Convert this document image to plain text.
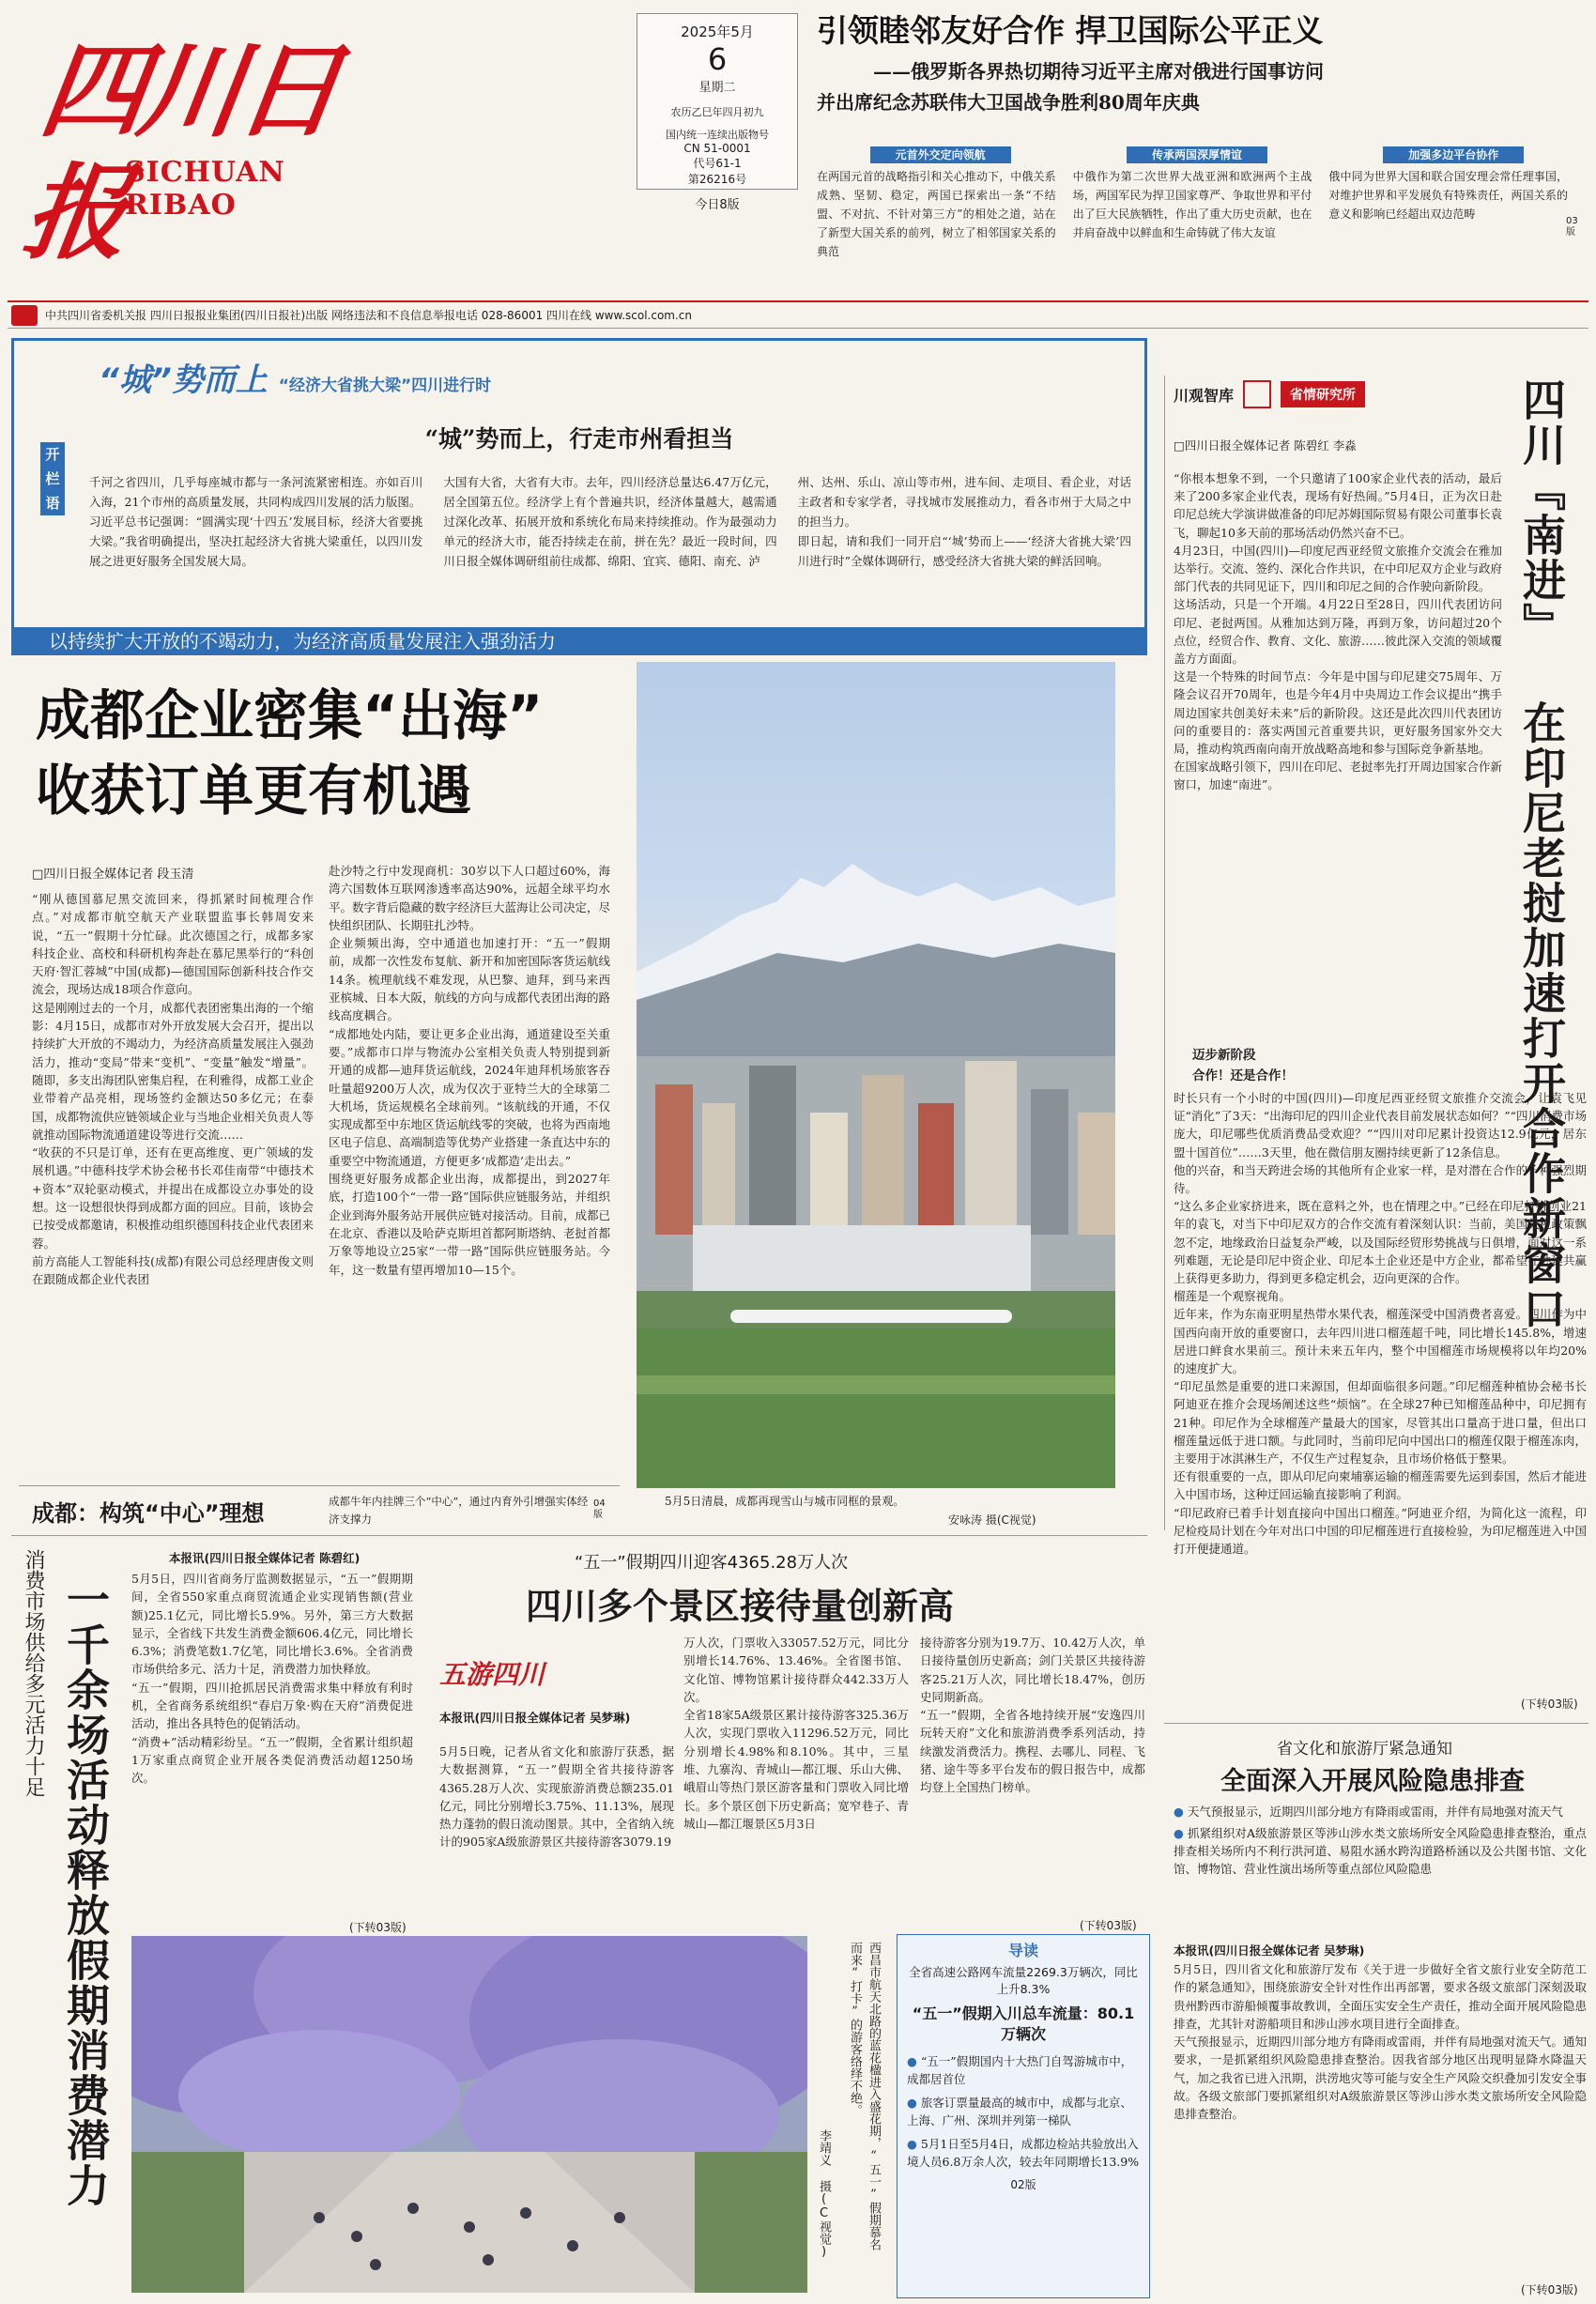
四川日报
SICHUAN RIBAO
2025年5月
6
星期二
农历乙巳年四月初九
国内统一连续出版物号
CN 51-0001
代号61-1
第26216号
今日8版
引领睦邻友好合作 捍卫国际公平正义
——俄罗斯各界热切期待习近平主席对俄进行国事访问
并出席纪念苏联伟大卫国战争胜利80周年庆典
元首外交定向领航	传承两国深厚情谊	加强多边平台协作
在两国元首的战略指引和关心推动下，中俄关系成熟、坚韧、稳定，两国已探索出一条“不结盟、不对抗、不针对第三方”的相处之道，站在了新型大国关系的前列，树立了相邻国家关系的典范
中俄作为第二次世界大战亚洲和欧洲两个主战场，两国军民为捍卫国家尊严、争取世界和平付出了巨大民族牺牲，作出了重大历史贡献，也在并肩奋战中以鲜血和生命铸就了伟大友谊
俄中同为世界大国和联合国安理会常任理事国，对维护世界和平发展负有特殊责任，两国关系的意义和影响已经超出双边范畴
03
版
中共四川省委机关报 四川日报报业集团(四川日报社)出版 网络违法和不良信息举报电话 028-86001 四川在线 www.scol.com.cn
“城”势而上 “经济大省挑大梁”四川进行时
开
栏
语
“城”势而上，行走市州看担当
千河之省四川，几乎每座城市都与一条河流紧密相连。亦如百川入海，21个市州的高质量发展，共同构成四川发展的活力版图。
习近平总书记强调：“圆满实现‘十四五’发展目标，经济大省要挑大梁。”我省明确提出，坚决扛起经济大省挑大梁重任，以四川发展之进更好服务全国发展大局。
大国有大省，大省有大市。去年，四川经济总量达6.47万亿元，居全国第五位。经济学上有个普遍共识，经济体量越大，越需通过深化改革、拓展开放和系统化布局来持续推动。作为最强动力单元的经济大市，能否持续走在前，拼在先？最近一段时间，四川日报全媒体调研组前往成都、绵阳、宜宾、德阳、南充、泸
州、达州、乐山、凉山等市州，进车间、走项目、看企业，对话主政者和专家学者，寻找城市发展推动力，看各市州于大局之中的担当力。
即日起，请和我们一同开启“‘城’势而上——‘经济大省挑大梁’四川进行时”全媒体调研行，感受经济大省挑大梁的鲜活回响。
以持续扩大开放的不竭动力，为经济高质量发展注入强劲活力
成都企业密集“出海”
收获订单更有机遇
□四川日报全媒体记者 段玉清
“刚从德国慕尼黑交流回来，得抓紧时间梳理合作点。”对成都市航空航天产业联盟监事长韩周安来说，“五一”假期十分忙碌。此次德国之行，成都多家科技企业、高校和科研机构奔赴在慕尼黑举行的“科创天府·智汇蓉城”中国(成都)—德国国际创新科技合作交流会，现场达成18项合作意向。
这是刚刚过去的一个月，成都代表团密集出海的一个缩影：4月15日，成都市对外开放发展大会召开，提出以持续扩大开放的不竭动力，为经济高质量发展注入强劲活力，推动“变局”带来“变机”、“变量”触发“增量”。随即，多支出海团队密集启程，在利雅得，成都工业企业带着产品亮相，现场签约金额达50多亿元；在泰国，成都物流供应链领域企业与当地企业相关负责人等就推动国际物流通道建设等进行交流……
“收获的不只是订单，还有在更高维度、更广领域的发展机遇。”中德科技学术协会秘书长邓佳南带“中德技术+资本”双轮驱动模式，并提出在成都设立办事处的设想。这一设想很快得到成都方面的回应。目前，该协会已按受成都邀请，积极推动组织德国科技企业代表团来蓉。
前方高能人工智能科技(成都)有限公司总经理唐俊文则在跟随成都企业代表团
赴沙特之行中发现商机：30岁以下人口超过60%，海湾六国数体互联网渗透率高达90%，远超全球平均水平。数字背后隐藏的数字经济巨大蓝海让公司决定，尽快组织团队、长期驻扎沙特。
企业频频出海，空中通道也加速打开：“五一”假期前，成都一次性发布复航、新开和加密国际客货运航线14条。梳理航线不难发现，从巴黎、迪拜，到马来西亚槟城、日本大阪，航线的方向与成都代表团出海的路线高度耦合。
“成都地处内陆，要让更多企业出海，通道建设至关重要。”成都市口岸与物流办公室相关负责人特别提到新开通的成都—迪拜货运航线，2024年迪拜机场旅客吞吐量超9200万人次，成为仅次于亚特兰大的全球第二大机场，货运规模名全球前列。“该航线的开通，不仅实现成都至中东地区货运航线零的突破，也将为西南地区电子信息、高端制造等优势产业搭建一条直达中东的重要空中物流通道，方便更多‘成都造’走出去。”
围绕更好服务成都企业出海，成都提出，到2027年底，打造100个“一带一路”国际供应链服务站，并组织企业到海外服务站开展供应链对接活动。目前，成都已在北京、香港以及哈萨克斯坦首都阿斯塔纳、老挝首都万象等地设立25家“一带一路”国际供应链服务站。今年，这一数量有望再增加10—15个。
5月5日清晨，成都再现雪山与城市同框的景观。
安咏涛 摄(C视觉)
成都：构筑“中心”理想	成都牛年内挂牌三个“中心”，通过内育外引增强实体经济支撑力
04
版
川观智库	省情研究所	四川『南进』 在印尼老挝加速打开合作新窗口
□四川日报全媒体记者 陈碧红 李淼
“你根本想象不到，一个只邀请了100家企业代表的活动，最后来了200多家企业代表，现场有好热闹。”5月4日，正为次日赴印尼总统大学演讲做准备的印尼苏姆国际贸易有限公司董事长袁飞，聊起10多天前的那场活动仍然兴奋不已。
4月23日，中国(四川)—印度尼西亚经贸文旅推介交流会在雅加达举行。交流、签约、深化合作共识，在中印尼双方企业与政府部门代表的共同见证下，四川和印尼之间的合作驶向新阶段。
这场活动，只是一个开端。4月22日至28日，四川代表团访问印尼、老挝两国。从雅加达到万隆，再到万象，访问超过20个点位，经贸合作、教育、文化、旅游……彼此深入交流的领域覆盖方方面面。
这是一个特殊的时间节点：今年是中国与印尼建交75周年、万隆会议召开70周年，也是今年4月中央周边工作会议提出“携手周边国家共创美好未来”后的新阶段。这还是此次四川代表团访问的重要目的：落实两国元首重要共识，更好服务国家外交大局，推动构筑西南向南开放战略高地和参与国际竞争新基地。
在国家战略引领下，四川在印尼、老挝率先打开周边国家合作新窗口，加速“南进”。
迈步新阶段
合作！还是合作！
时长只有一个小时的中国(四川)—印度尼西亚经贸文旅推介交流会，让袁飞见证“消化”了3天：“出海印尼的四川企业代表目前发展状态如何？”“四川消费市场庞大，印尼哪些优质消费品受欢迎？”“四川对印尼累计投资达12.9亿元，居东盟十国首位”……3天里，他在微信朋友圈持续更新了12条信息。
他的兴奋，和当天跨进会场的其他所有企业家一样，是对潜在合作的一种强烈期待。
“这么多企业家挤进来，既在意料之外，也在情理之中。”已经在印尼打拼创业21年的袁飞，对当下中印尼双方的合作交流有着深刻认识：当前，美国关税政策飘忽不定，地缘政治日益复杂严峻，以及国际经贸形势挑战与日俱增，面对这一系列难题，无论是印尼中资企业、印尼本土企业还是中方企业，都希望在共建共赢上获得更多助力，得到更多稳定机会，迈向更深的合作。
榴莲是一个观察视角。
近年来，作为东南亚明星热带水果代表，榴莲深受中国消费者喜爱。四川作为中国西向南开放的重要窗口，去年四川进口榴莲超千吨，同比增长145.8%，增速居进口鲜食水果前三。预计未来五年内，整个中国榴莲市场规模将以年均20%的速度扩大。
“印尼虽然是重要的进口来源国，但却面临很多问题。”印尼榴莲种植协会秘书长阿迪亚在推介会现场阐述这些“烦恼”。在全球27种已知榴莲品种中，印尼拥有21种。印尼作为全球榴莲产量最大的国家，尽管其出口量高于进口量，但出口榴莲量远低于进口额。与此同时，当前印尼向中国出口的榴莲仅限于榴莲冻肉，主要用于冰淇淋生产，不仅生产过程复杂，且市场价格低于整果。
还有很重要的一点，即从印尼向柬埔寨运输的榴莲需要先运到泰国，然后才能进入中国市场，这种迂回运输直接影响了利润。
“印尼政府已着手计划直接向中国出口榴莲。”阿迪亚介绍，为简化这一流程，印尼检疫局计划在今年对出口中国的印尼榴莲进行直接检验，为印尼榴莲进入中国打开便捷通道。
(下转03版)
消费市场供给多元活力十足 一千余场活动释放假期消费潜力
本报讯(四川日报全媒体记者 陈碧红)
5月5日，四川省商务厅监测数据显示，“五一”假期期间，全省550家重点商贸流通企业实现销售额(营业额)25.1亿元，同比增长5.9%。另外，第三方大数据显示，全省线下共发生消费金额606.4亿元，同比增长6.3%；消费笔数1.7亿笔，同比增长3.6%。全省消费市场供给多元、活力十足，消费潜力加快释放。
“五一”假期，四川抢抓居民消费需求集中释放有利时机，全省商务系统组织“春启万象·购在天府”消费促进活动，推出各具特色的促销活动。
“消费+”活动精彩纷呈。“五一”假期，全省累计组织超1万家重点商贸企业开展各类促消费活动超1250场次。
(下转03版)
“五一”假期四川迎客4365.28万人次
四川多个景区接待量创新高
五游四川
本报讯(四川日报全媒体记者 吴梦琳)
5月5日晚，记者从省文化和旅游厅获悉，据大数据测算，“五一”假期全省共接待游客4365.28万人次、实现旅游消费总额235.01亿元，同比分别增长3.75%、11.13%，展现热力蓬勃的假日流动图景。其中，全省纳入统计的905家A级旅游景区共接待游客3079.19
万人次，门票收入33057.52万元，同比分别增长14.76%、13.46%。全省图书馆、文化馆、博物馆累计接待群众442.33万人次。
全省18家5A级景区累计接待游客325.36万人次，实现门票收入11296.52万元，同比分别增长4.98%和8.10%。其中，三星堆、九寨沟、青城山—都江堰、乐山大佛、峨眉山等热门景区游客量和门票收入同比增长。多个景区创下历史新高；宽窄巷子、青城山—都江堰景区5月3日
接待游客分别为19.7万、10.42万人次，单日接待量创历史新高；剑门关景区共接待游客25.21万人次，同比增长18.47%，创历史同期新高。
“五一”假期，全省各地持续开展“安逸四川 玩转天府”文化和旅游消费季系列活动，持续激发消费活力。携程、去哪儿、同程、飞猪、途牛等多平台发布的假日报告中，成都均登上全国热门榜单。
(下转03版)
西昌市航天北路的蓝花楹进入盛花期，“五一”假期慕名而来“打卡”的游客络绎不绝。
李靖义 摄(C视觉)
导读
全省高速公路网车流量2269.3万辆次，同比上升8.3%
“五一”假期入川总车流量：80.1万辆次
● “五一”假期国内十大热门自驾游城市中，成都居首位
● 旅客订票量最高的城市中，成都与北京、上海、广州、深圳并列第一梯队
● 5月1日至5月4日，成都边检站共验放出入境人员6.8万余人次，较去年同期增长13.9%
02版
省文化和旅游厅紧急通知
全面深入开展风险隐患排查
● 天气预报显示，近期四川部分地方有降雨或雷雨，并伴有局地强对流天气
● 抓紧组织对A级旅游景区等涉山涉水类文旅场所安全风险隐患排查整治，重点排查相关场所内不利行洪河道、易阻水涵水跨沟道路桥涵以及公共图书馆、文化馆、博物馆、营业性演出场所等重点部位风险隐患
本报讯(四川日报全媒体记者 吴梦琳)
5月5日，四川省文化和旅游厅发布《关于进一步做好全省文旅行业安全防范工作的紧急通知》，围绕旅游安全针对性作出再部署，要求各级文旅部门深刻汲取贵州黔西市游船倾覆事故教训，全面压实安全生产责任，推动全面开展风险隐患排查，尤其针对游船项目和涉山涉水项目进行全面排查。
天气预报显示，近期四川部分地方有降雨或雷雨，并伴有局地强对流天气。通知要求，一是抓紧组织风险隐患排查整治。因我省部分地区出现明显降水降温天气，加之我省已进入汛期，洪涝地灾等可能与安全生产风险交织叠加引发安全事故。各级文旅部门要抓紧组织对A级旅游景区等涉山涉水类文旅场所安全风险隐患排查整治。
(下转03版)
